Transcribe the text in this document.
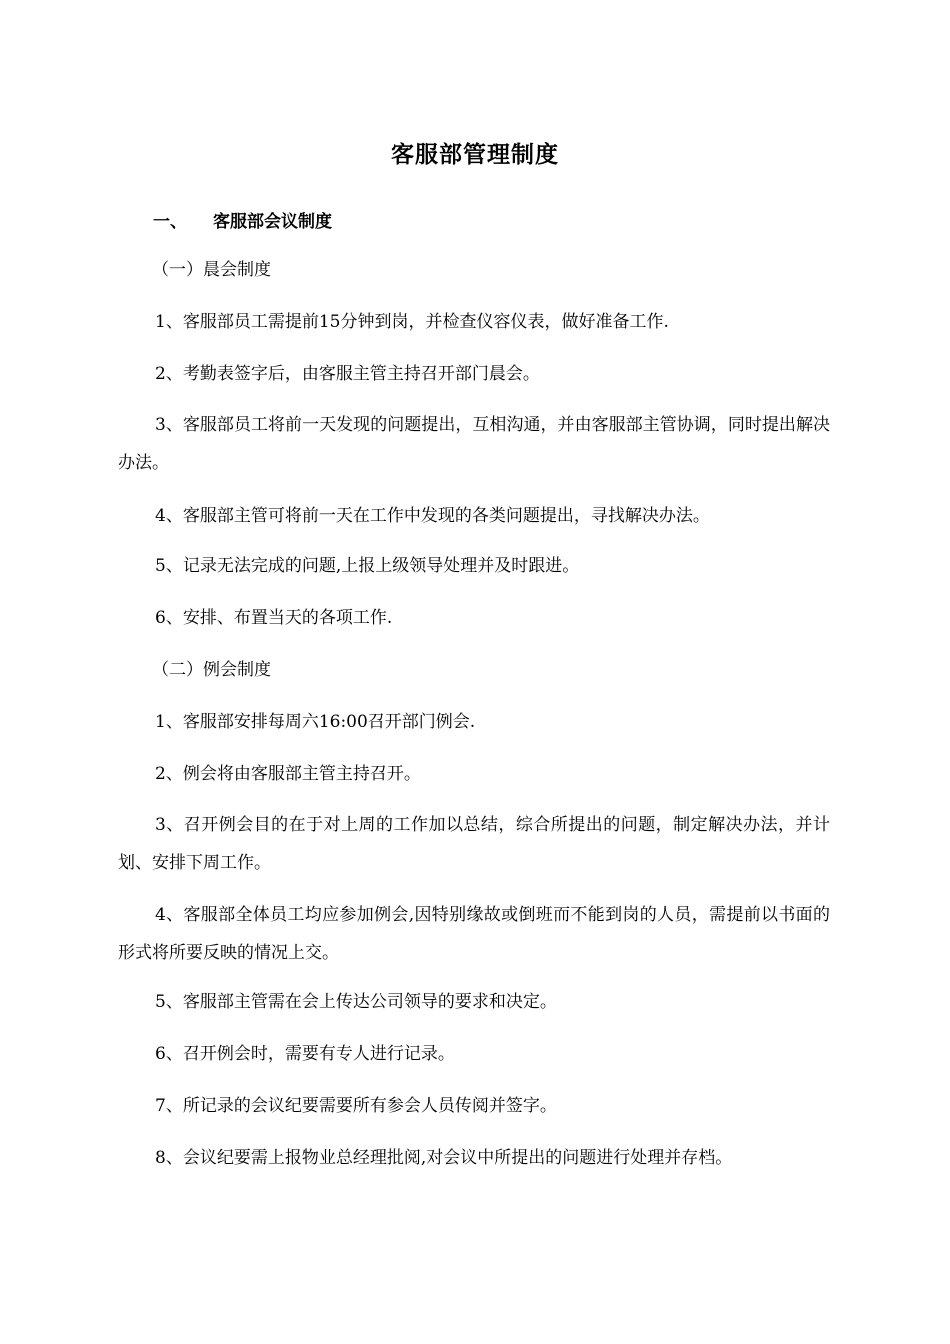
客服部管理制度
一、 客服部会议制度
（一）晨会制度
1、客服部员工需提前15分钟到岗，并检查仪容仪表，做好准备工作.
2、考勤表签字后，由客服主管主持召开部门晨会。
3、客服部员工将前一天发现的问题提出，互相沟通，并由客服部主管协调，同时提出解决办法。
4、客服部主管可将前一天在工作中发现的各类问题提出，寻找解决办法。
5、记录无法完成的问题,上报上级领导处理并及时跟进。
6、安排、布置当天的各项工作.
（二）例会制度
1、客服部安排每周六16:00召开部门例会.
2、例会将由客服部主管主持召开。
3、召开例会目的在于对上周的工作加以总结，综合所提出的问题，制定解决办法，并计划、安排下周工作。
4、客服部全体员工均应参加例会,因特别缘故或倒班而不能到岗的人员，需提前以书面的形式将所要反映的情况上交。
5、客服部主管需在会上传达公司领导的要求和决定。
6、召开例会时，需要有专人进行记录。
7、所记录的会议纪要需要所有参会人员传阅并签字。
8、会议纪要需上报物业总经理批阅,对会议中所提出的问题进行处理并存档。
